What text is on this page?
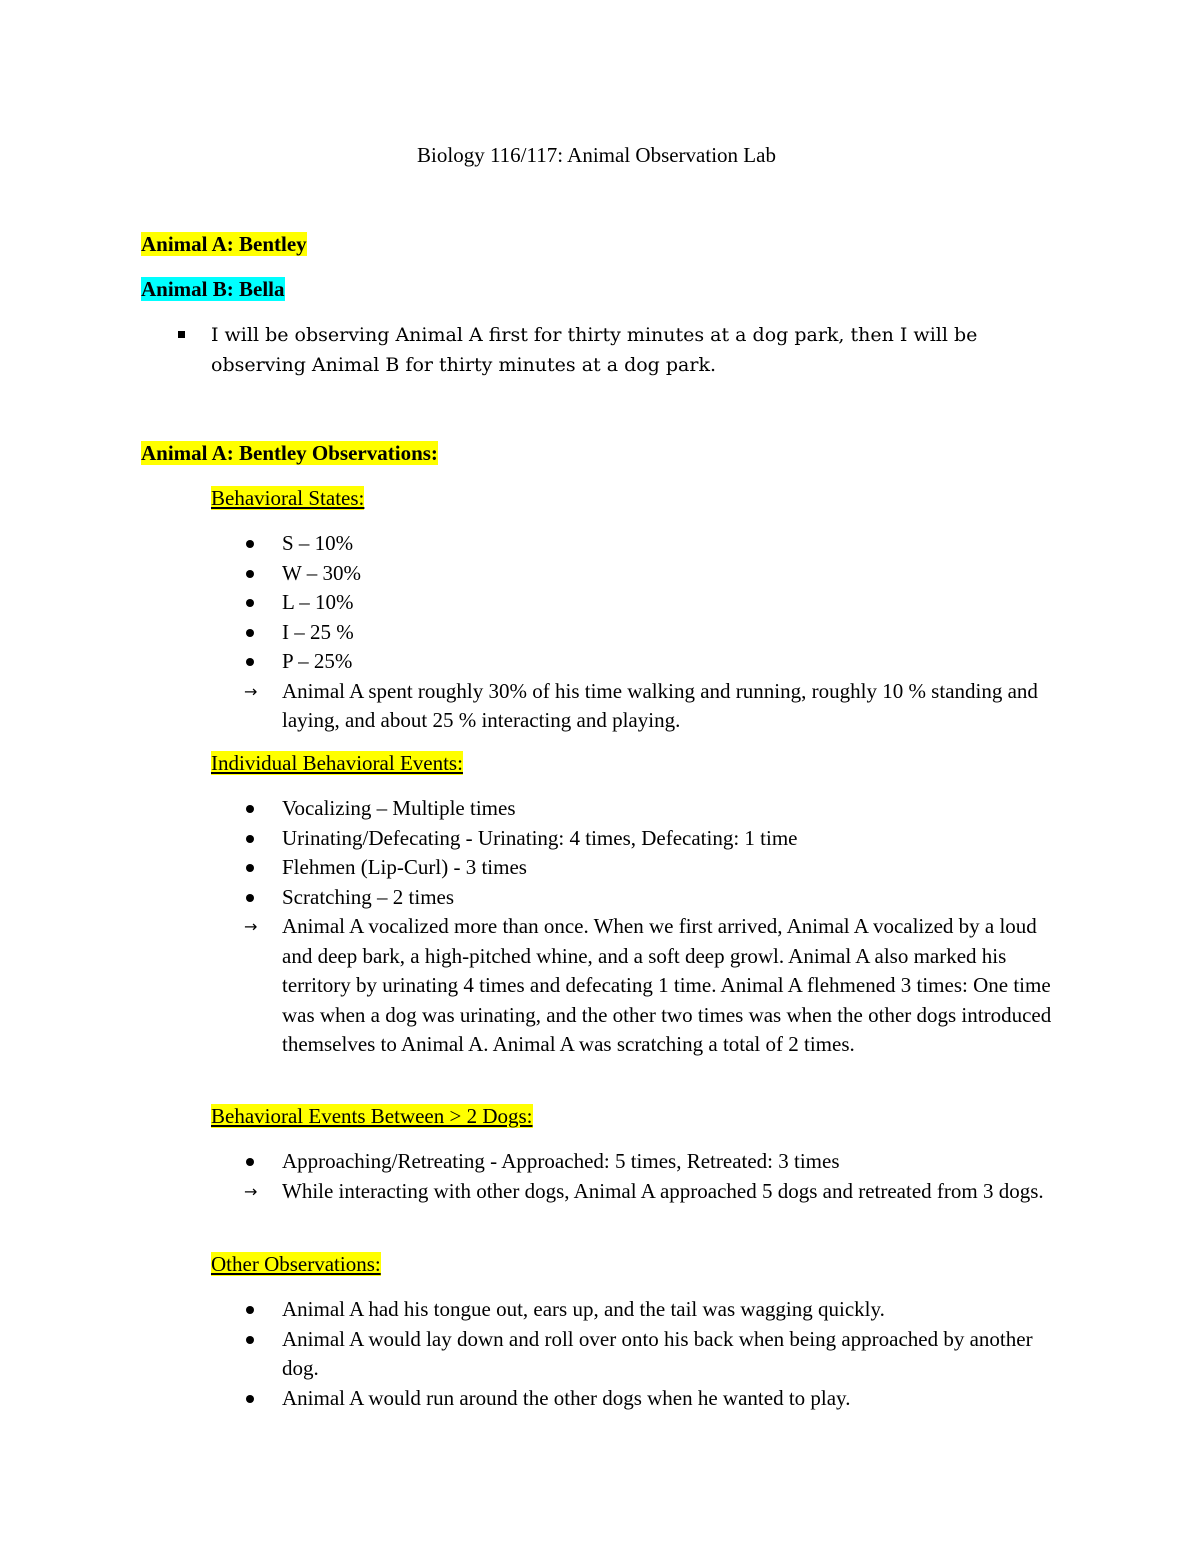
Biology 116/117: Animal Observation Lab
Animal A: Bentley
Animal B: Bella
I will be observing Animal A first for thirty minutes at a dog park, then I will be observing Animal B for thirty minutes at a dog park.
Animal A: Bentley Observations:
Behavioral States:
S – 10%
W – 30%
L – 10%
I – 25 %
P – 25%
→ Animal A spent roughly 30% of his time walking and running, roughly 10 % standing and laying, and about 25 % interacting and playing.
Individual Behavioral Events:
Vocalizing – Multiple times
Urinating/Defecating - Urinating: 4 times, Defecating: 1 time
Flehmen (Lip-Curl) - 3 times
Scratching – 2 times
→ Animal A vocalized more than once. When we first arrived, Animal A vocalized by a loud and deep bark, a high-pitched whine, and a soft deep growl. Animal A also marked his territory by urinating 4 times and defecating 1 time. Animal A flehmened 3 times: One time was when a dog was urinating, and the other two times was when the other dogs introduced themselves to Animal A. Animal A was scratching a total of 2 times.
Behavioral Events Between > 2 Dogs:
Approaching/Retreating - Approached: 5 times, Retreated: 3 times
→ While interacting with other dogs, Animal A approached 5 dogs and retreated from 3 dogs.
Other Observations:
Animal A had his tongue out, ears up, and the tail was wagging quickly.
Animal A would lay down and roll over onto his back when being approached by another dog.
Animal A would run around the other dogs when he wanted to play.
